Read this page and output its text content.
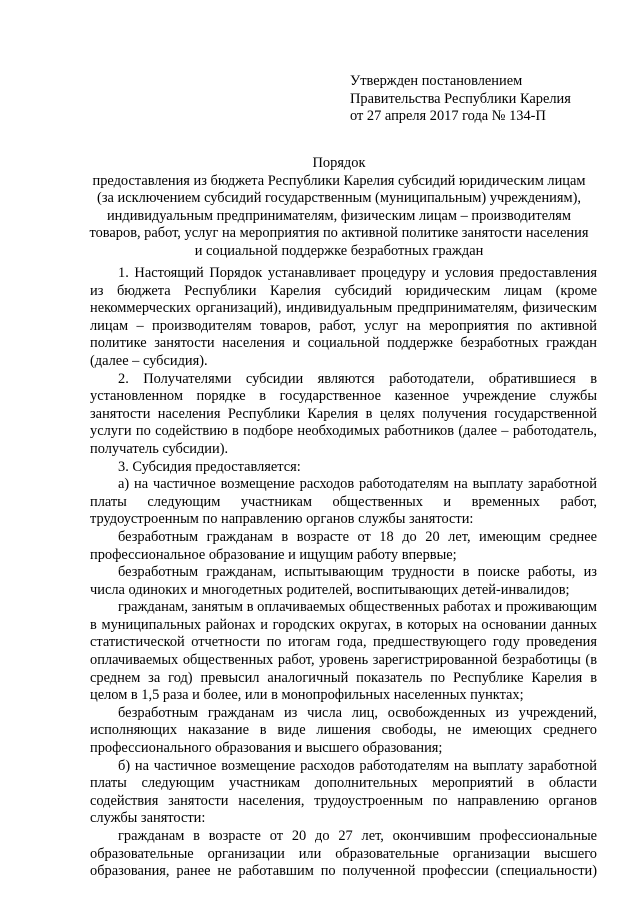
Утвержден постановлением
Правительства Республики Карелия
от 27 апреля 2017 года № 134-П
Порядок
предоставления из бюджета Республики Карелия субсидий юридическим лицам
(за исключением субсидий государственным (муниципальным) учреждениям),
индивидуальным предпринимателям, физическим лицам – производителям
товаров, работ, услуг на мероприятия по активной политике занятости населения
и социальной поддержке безработных граждан

1. Настоящий Порядок устанавливает процедуру и условия предоставления из бюджета Республики Карелия субсидий юридическим лицам (кроме некоммерческих организаций), индивидуальным предпринимателям, физическим лицам – производителям товаров, работ, услуг на мероприятия по активной политике занятости населения и социальной поддержке безработных граждан (далее – субсидия).

2. Получателями субсидии являются работодатели, обратившиеся в установленном порядке в государственное казенное учреждение службы занятости населения Республики Карелия в целях получения государственной услуги по содействию в подборе необходимых работников (далее – работодатель, получатель субсидии).

3. Субсидия предоставляется:

а) на частичное возмещение расходов работодателям на выплату заработной платы следующим участникам общественных и временных работ, трудоустроенным по направлению органов службы занятости:

безработным гражданам в возрасте от 18 до 20 лет, имеющим среднее профессиональное образование и ищущим работу впервые;

безработным гражданам, испытывающим трудности в поиске работы, из числа одиноких и многодетных родителей, воспитывающих детей-инвалидов;

гражданам, занятым в оплачиваемых общественных работах и проживающим в муниципальных районах и городских округах, в которых на основании данных статистической отчетности по итогам года, предшествующего году проведения оплачиваемых общественных работ, уровень зарегистрированной безработицы (в среднем за год) превысил аналогичный показатель по Республике Карелия в целом в 1,5 раза и более, или в монопрофильных населенных пунктах;

безработным гражданам из числа лиц, освобожденных из учреждений, исполняющих наказание в виде лишения свободы, не имеющих среднего профессионального образования и высшего образования;

б) на частичное возмещение расходов работодателям на выплату заработной платы следующим участникам дополнительных мероприятий в области содействия занятости населения, трудоустроенным по направлению органов службы занятости:

гражданам в возрасте от 20 до 27 лет, окончившим профессиональные образовательные организации или образовательные организации высшего образования, ранее не работавшим по полученной профессии (специальности)
